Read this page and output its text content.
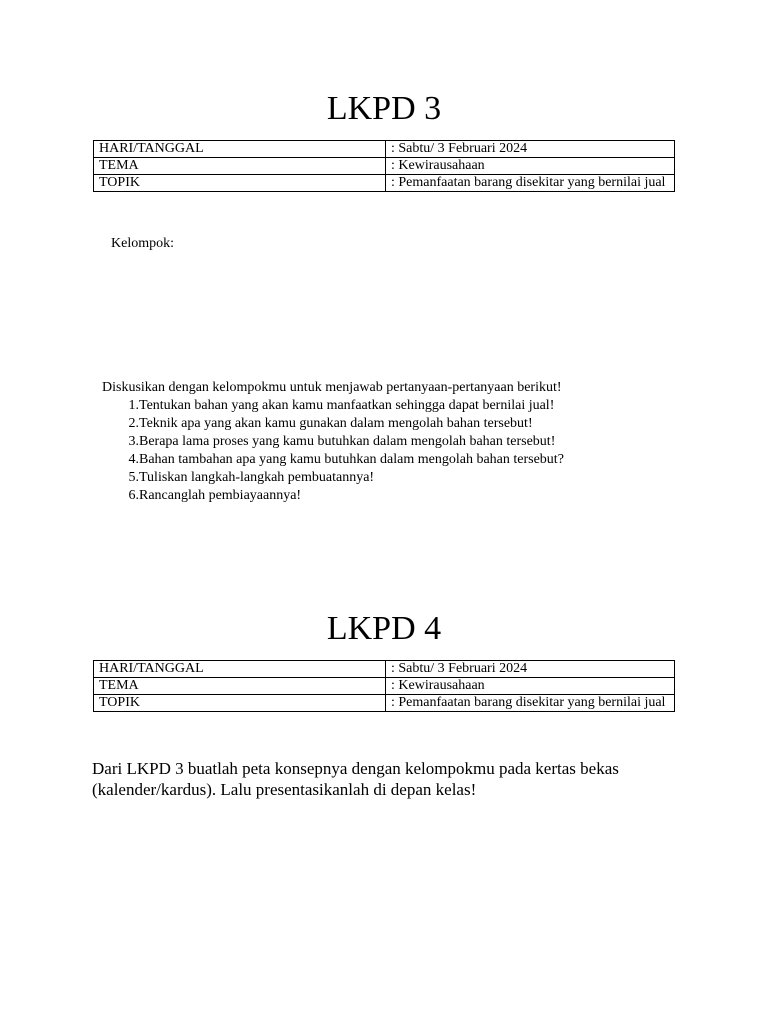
LKPD 3
HARI/TANGGAL	: Sabtu/ 3 Februari 2024
TEMA	: Kewirausahaan
TOPIK	: Pemanfaatan barang disekitar yang bernilai jual

Kelompok:

Diskusikan dengan kelompokmu untuk menjawab pertanyaan-pertanyaan berikut!

1. Tentukan bahan yang akan kamu manfaatkan sehingga dapat bernilai jual!
2. Teknik apa yang akan kamu gunakan dalam mengolah bahan tersebut!
3. Berapa lama proses yang kamu butuhkan dalam mengolah bahan tersebut!
4. Bahan tambahan apa yang kamu butuhkan dalam mengolah bahan tersebut?
5. Tuliskan langkah-langkah pembuatannya!
6. Rancanglah pembiayaannya!
LKPD 4
HARI/TANGGAL	: Sabtu/ 3 Februari 2024
TEMA	: Kewirausahaan
TOPIK	: Pemanfaatan barang disekitar yang bernilai jual

Dari LKPD 3 buatlah peta konsepnya dengan kelompokmu pada kertas bekas (kalender/kardus). Lalu presentasikanlah di depan kelas!
